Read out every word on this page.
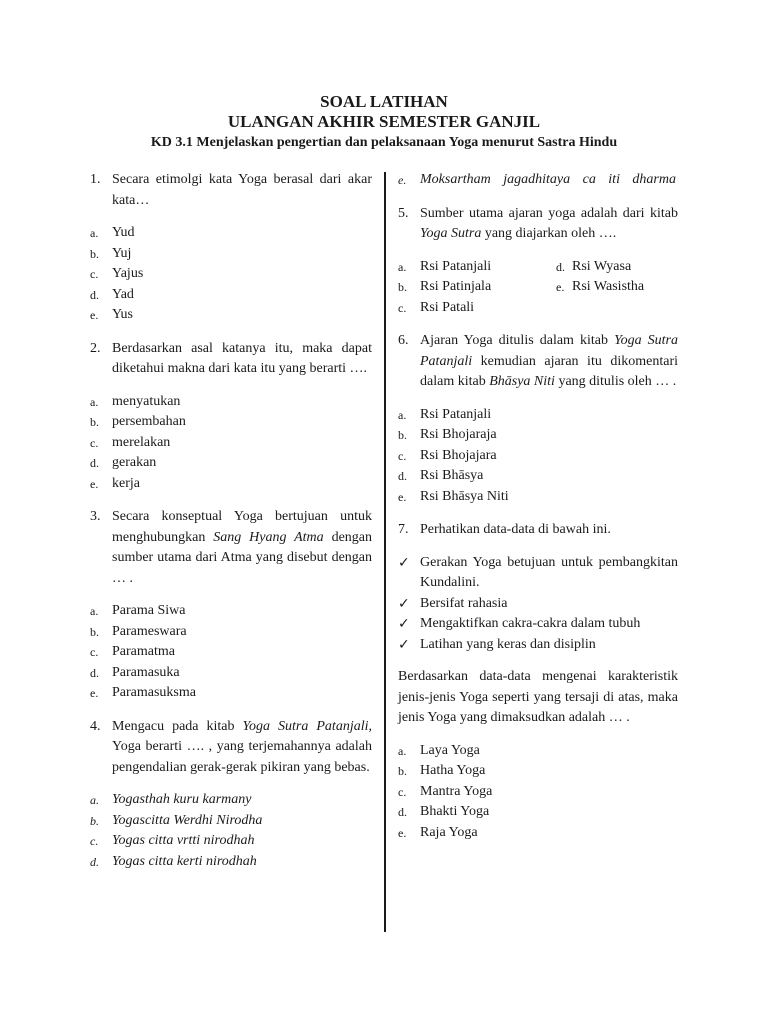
SOAL LATIHAN
ULANGAN AKHIR SEMESTER GANJIL
KD 3.1 Menjelaskan pengertian dan pelaksanaan Yoga menurut Sastra Hindu
1. Secara etimolgi kata Yoga berasal dari akar kata…
a. Yud
b. Yuj
c. Yajus
d. Yad
e. Yus
2. Berdasarkan asal katanya itu, maka dapat diketahui makna dari kata itu yang berarti ….
a. menyatukan
b. persembahan
c. merelakan
d. gerakan
e. kerja
3. Secara konseptual Yoga bertujuan untuk menghubungkan Sang Hyang Atma dengan sumber utama dari Atma yang disebut dengan … .
a. Parama Siwa
b. Parameswara
c. Paramatma
d. Paramasuka
e. Paramasuksma
4. Mengacu pada kitab Yoga Sutra Patanjali, Yoga berarti …. , yang terjemahannya adalah pengendalian gerak-gerak pikiran yang bebas.
a. Yogasthah kuru karmany
b. Yogascitta Werdhi Nirodha
c. Yogas citta vrtti nirodhah
d. Yogas citta kerti nirodhah
e. Moksartham jagadhitaya ca iti dharma
5. Sumber utama ajaran yoga adalah dari kitab Yoga Sutra yang diajarkan oleh ….
a. Rsi Patanjali	d. Rsi Wyasa
b. Rsi Patinjala	e. Rsi Wasistha
c. Rsi Patali
6. Ajaran Yoga ditulis dalam kitab Yoga Sutra Patanjali kemudian ajaran itu dikomentari dalam kitab Bhāsya Niti yang ditulis oleh … .
a. Rsi Patanjali
b. Rsi Bhojaraja
c. Rsi Bhojajara
d. Rsi Bhāsya
e. Rsi Bhāsya Niti
7. Perhatikan data-data di bawah ini.
✓ Gerakan Yoga betujuan untuk pembangkitan Kundalini.
✓ Bersifat rahasia
✓ Mengaktifkan cakra-cakra dalam tubuh
✓ Latihan yang keras dan disiplin
Berdasarkan data-data mengenai karakteristik jenis-jenis Yoga seperti yang tersaji di atas, maka jenis Yoga yang dimaksudkan adalah … .
a. Laya Yoga
b. Hatha Yoga
c. Mantra Yoga
d. Bhakti Yoga
e. Raja Yoga
